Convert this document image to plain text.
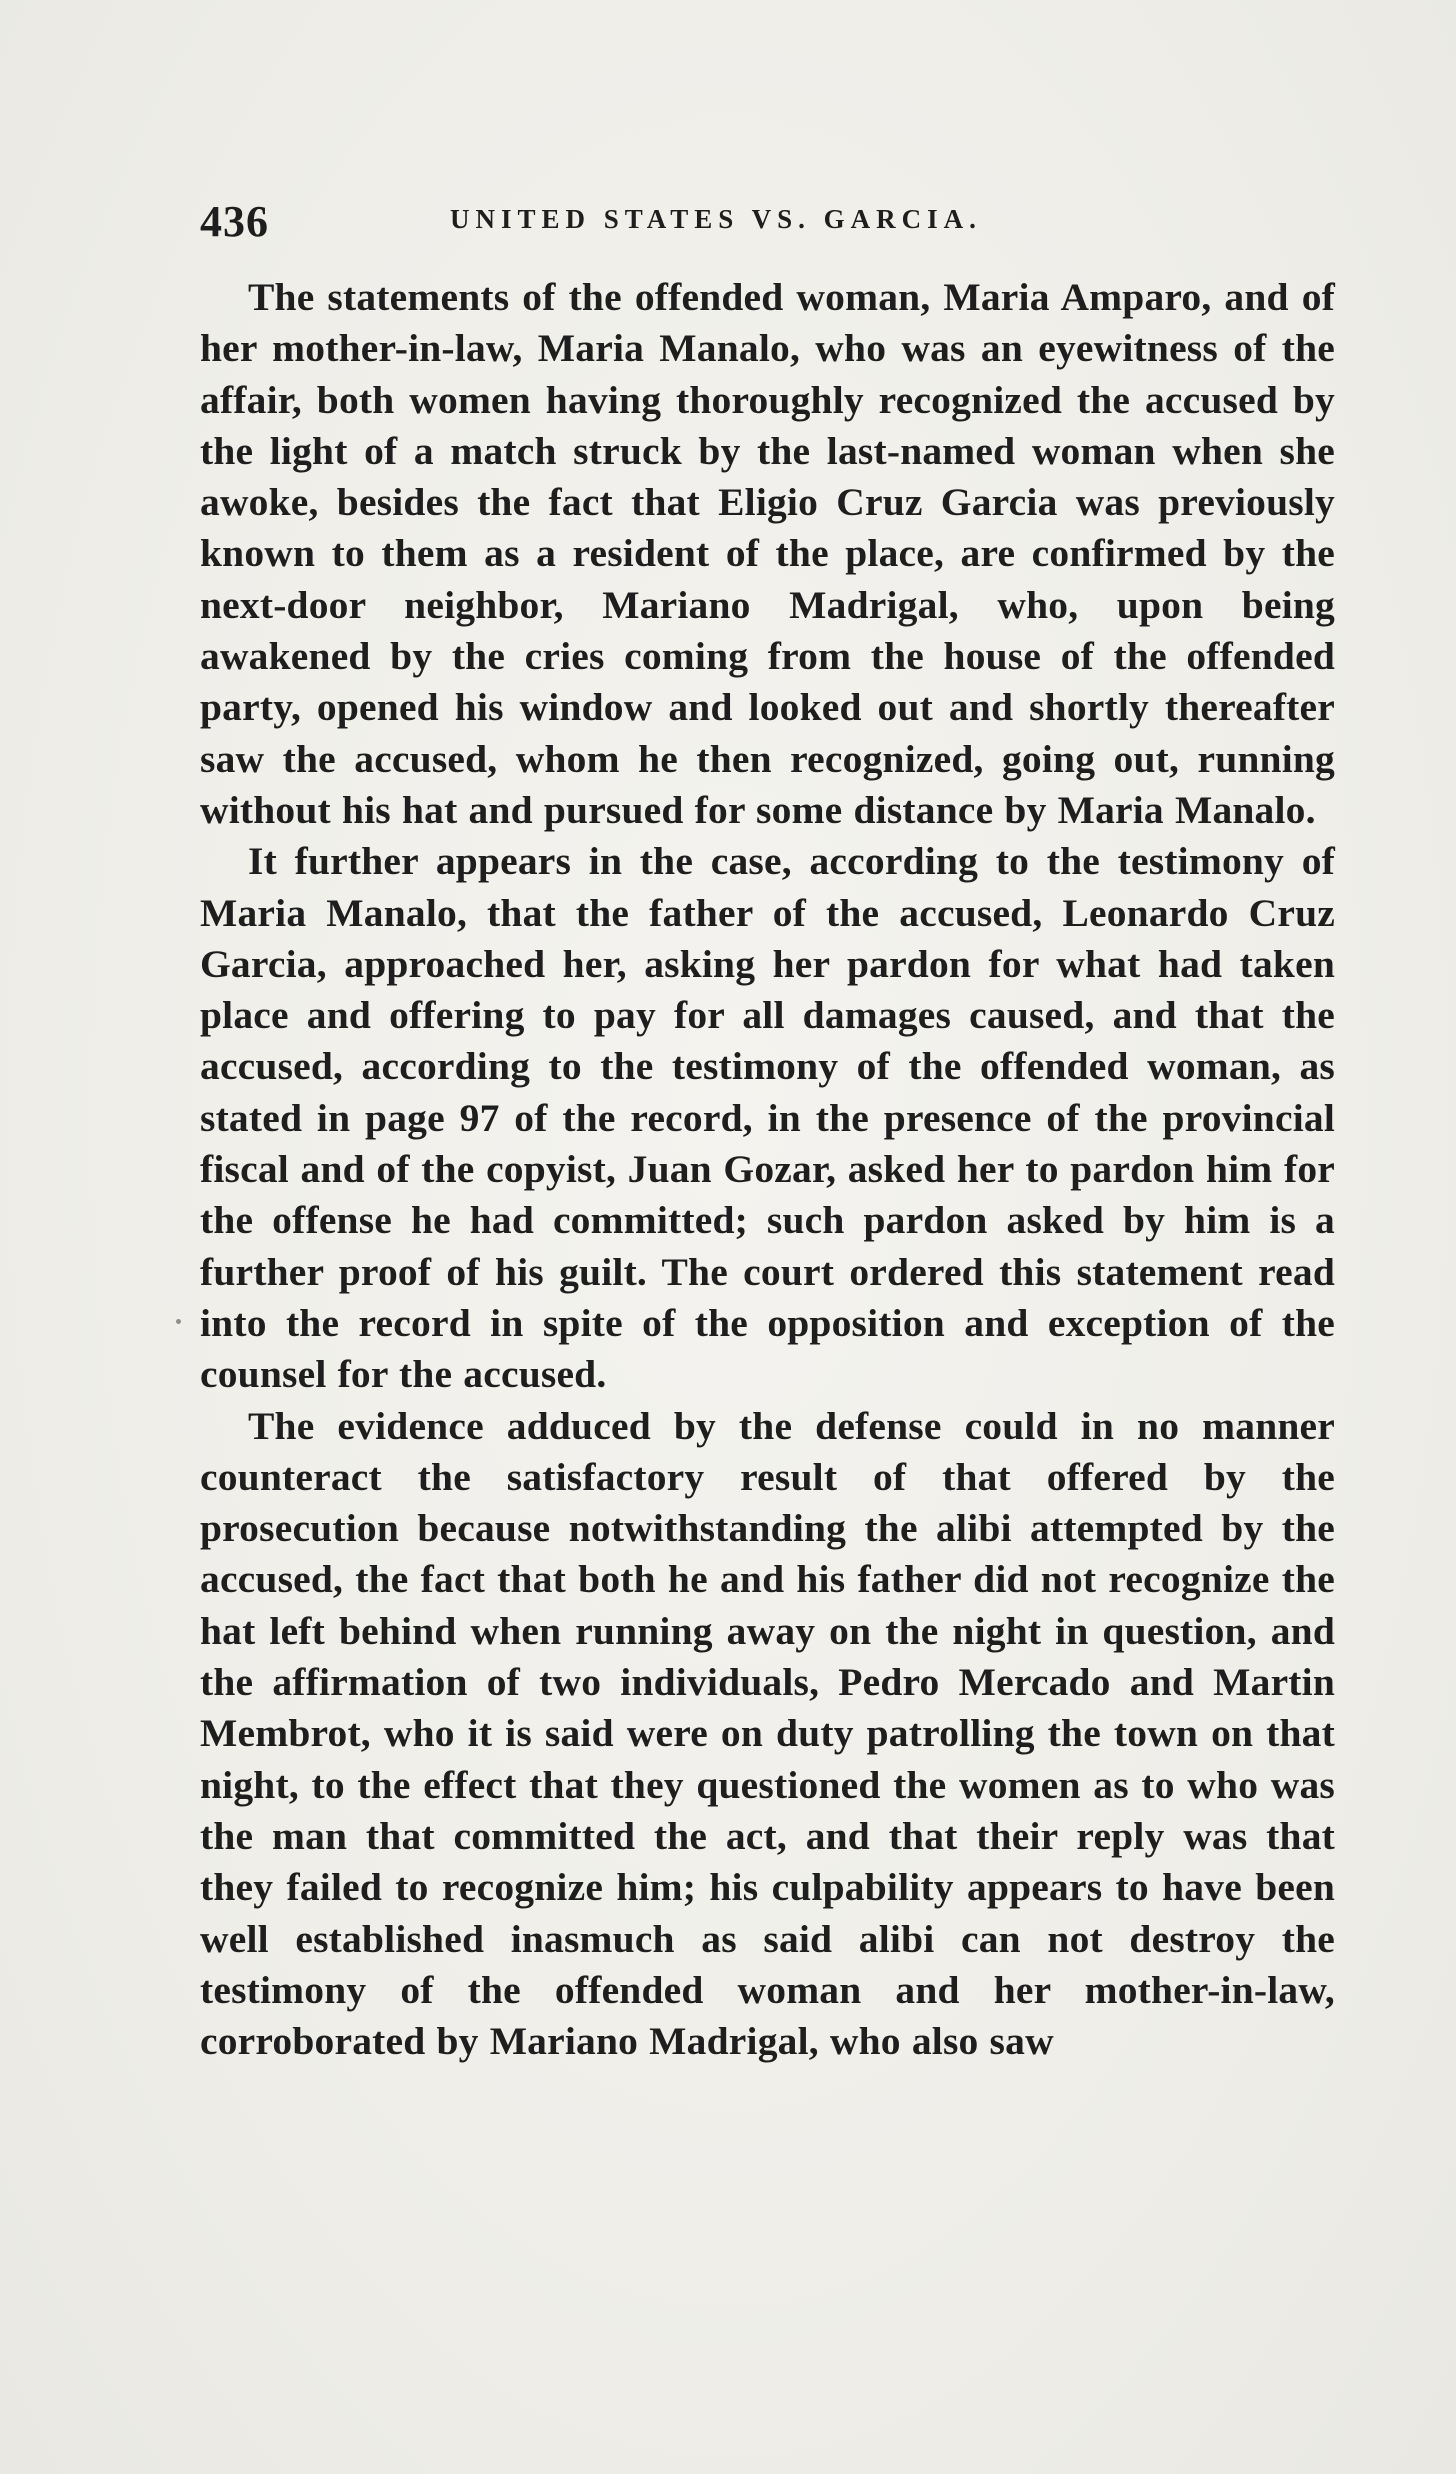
436	UNITED STATES VS. GARCIA.

The statements of the offended woman, Maria Amparo, and of her mother-in-law, Maria Manalo, who was an eyewitness of the affair, both women having thoroughly recognized the accused by the light of a match struck by the last-named woman when she awoke, besides the fact that Eligio Cruz Garcia was previously known to them as a resident of the place, are confirmed by the next-door neighbor, Mariano Madrigal, who, upon being awakened by the cries coming from the house of the offended party, opened his window and looked out and shortly thereafter saw the accused, whom he then recognized, going out, running without his hat and pursued for some distance by Maria Manalo.

It further appears in the case, according to the testimony of Maria Manalo, that the father of the accused, Leonardo Cruz Garcia, approached her, asking her pardon for what had taken place and offering to pay for all damages caused, and that the accused, according to the testimony of the offended woman, as stated in page 97 of the record, in the presence of the provincial fiscal and of the copyist, Juan Gozar, asked her to pardon him for the offense he had committed; such pardon asked by him is a further proof of his guilt. The court ordered this statement read into the record in spite of the opposition and exception of the counsel for the accused.

The evidence adduced by the defense could in no manner counteract the satisfactory result of that offered by the prosecution because notwithstanding the alibi attempted by the accused, the fact that both he and his father did not recognize the hat left behind when running away on the night in question, and the affirmation of two individuals, Pedro Mercado and Martin Membrot, who it is said were on duty patrolling the town on that night, to the effect that they questioned the women as to who was the man that committed the act, and that their reply was that they failed to recognize him; his culpability appears to have been well established inasmuch as said alibi can not destroy the testimony of the offended woman and her mother-in-law, corroborated by Mariano Madrigal, who also saw
